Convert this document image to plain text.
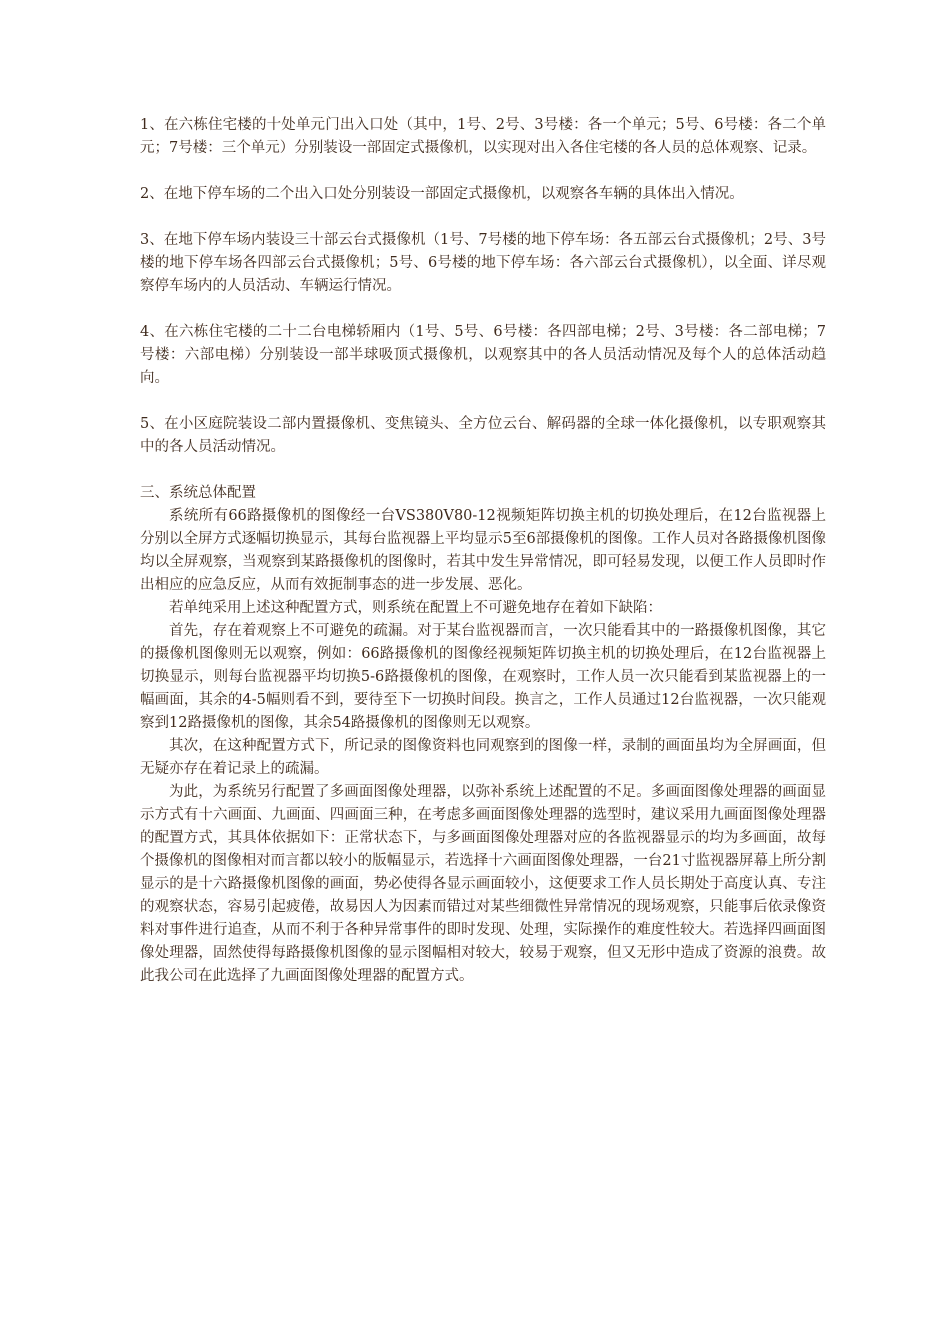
1、在六栋住宅楼的十处单元门出入口处（其中，1号、2号、3号楼：各一个单元；5号、6号楼：各二个单元；7号楼：三个单元）分别装设一部固定式摄像机，以实现对出入各住宅楼的各人员的总体观察、记录。

2、在地下停车场的二个出入口处分别装设一部固定式摄像机，以观察各车辆的具体出入情况。

3、在地下停车场内装设三十部云台式摄像机（1号、7号楼的地下停车场：各五部云台式摄像机；2号、3号楼的地下停车场各四部云台式摄像机；5号、6号楼的地下停车场：各六部云台式摄像机），以全面、详尽观察停车场内的人员活动、车辆运行情况。

4、在六栋住宅楼的二十二台电梯轿厢内（1号、5号、6号楼：各四部电梯；2号、3号楼：各二部电梯；7号楼：六部电梯）分别装设一部半球吸顶式摄像机，以观察其中的各人员活动情况及每个人的总体活动趋向。

5、在小区庭院装设二部内置摄像机、变焦镜头、全方位云台、解码器的全球一体化摄像机，以专职观察其中的各人员活动情况。

三、系统总体配置

系统所有66路摄像机的图像经一台VS380V80-12视频矩阵切换主机的切换处理后，在12台监视器上分别以全屏方式逐幅切换显示，其每台监视器上平均显示5至6部摄像机的图像。工作人员对各路摄像机图像均以全屏观察，当观察到某路摄像机的图像时，若其中发生异常情况，即可轻易发现，以便工作人员即时作出相应的应急反应，从而有效扼制事态的进一步发展、恶化。

若单纯采用上述这种配置方式，则系统在配置上不可避免地存在着如下缺陷：

首先，存在着观察上不可避免的疏漏。对于某台监视器而言，一次只能看其中的一路摄像机图像，其它的摄像机图像则无以观察，例如：66路摄像机的图像经视频矩阵切换主机的切换处理后，在12台监视器上切换显示，则每台监视器平均切换5-6路摄像机的图像，在观察时，工作人员一次只能看到某监视器上的一幅画面，其余的4-5幅则看不到，要待至下一切换时间段。换言之，工作人员通过12台监视器，一次只能观察到12路摄像机的图像，其余54路摄像机的图像则无以观察。

其次，在这种配置方式下，所记录的图像资料也同观察到的图像一样，录制的画面虽均为全屏画面，但无疑亦存在着记录上的疏漏。

为此，为系统另行配置了多画面图像处理器，以弥补系统上述配置的不足。多画面图像处理器的画面显示方式有十六画面、九画面、四画面三种，在考虑多画面图像处理器的选型时，建议采用九画面图像处理器的配置方式，其具体依据如下：正常状态下，与多画面图像处理器对应的各监视器显示的均为多画面，故每个摄像机的图像相对而言都以较小的版幅显示，若选择十六画面图像处理器，一台21寸监视器屏幕上所分割显示的是十六路摄像机图像的画面，势必使得各显示画面较小，这便要求工作人员长期处于高度认真、专注的观察状态，容易引起疲倦，故易因人为因素而错过对某些细微性异常情况的现场观察，只能事后依录像资料对事件进行追查，从而不利于各种异常事件的即时发现、处理，实际操作的难度性较大。若选择四画面图像处理器，固然使得每路摄像机图像的显示图幅相对较大，较易于观察，但又无形中造成了资源的浪费。故此我公司在此选择了九画面图像处理器的配置方式。
